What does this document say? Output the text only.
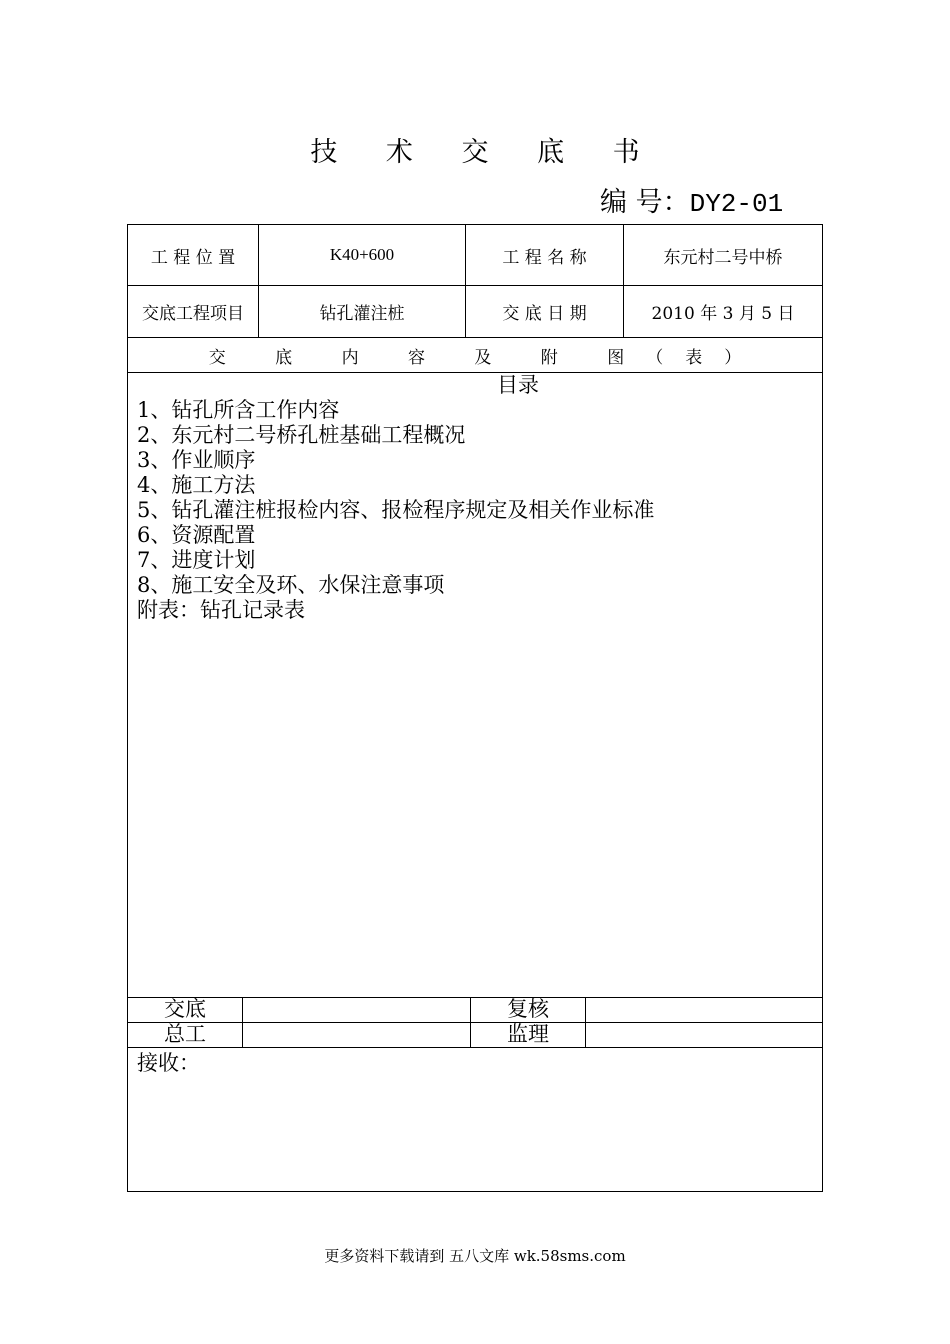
技 术 交 底 书
编 号：DY2-01
工 程 位 置	K40+600	工 程 名 称	东元村二号中桥
交底工程项目	钻孔灌注桩	交 底 日 期	2010 年 3 月 5 日
交 底 内 容 及 附 图（表）
目录
1、钻孔所含工作内容
2、东元村二号桥孔桩基础工程概况
3、作业顺序
4、施工方法
5、钻孔灌注桩报检内容、报检程序规定及相关作业标准
6、资源配置
7、进度计划
8、施工安全及环、水保注意事项
附表：钻孔记录表
交底	复核
总工	监理
接收：
更多资料下载请到 五八文库 wk.58sms.com
